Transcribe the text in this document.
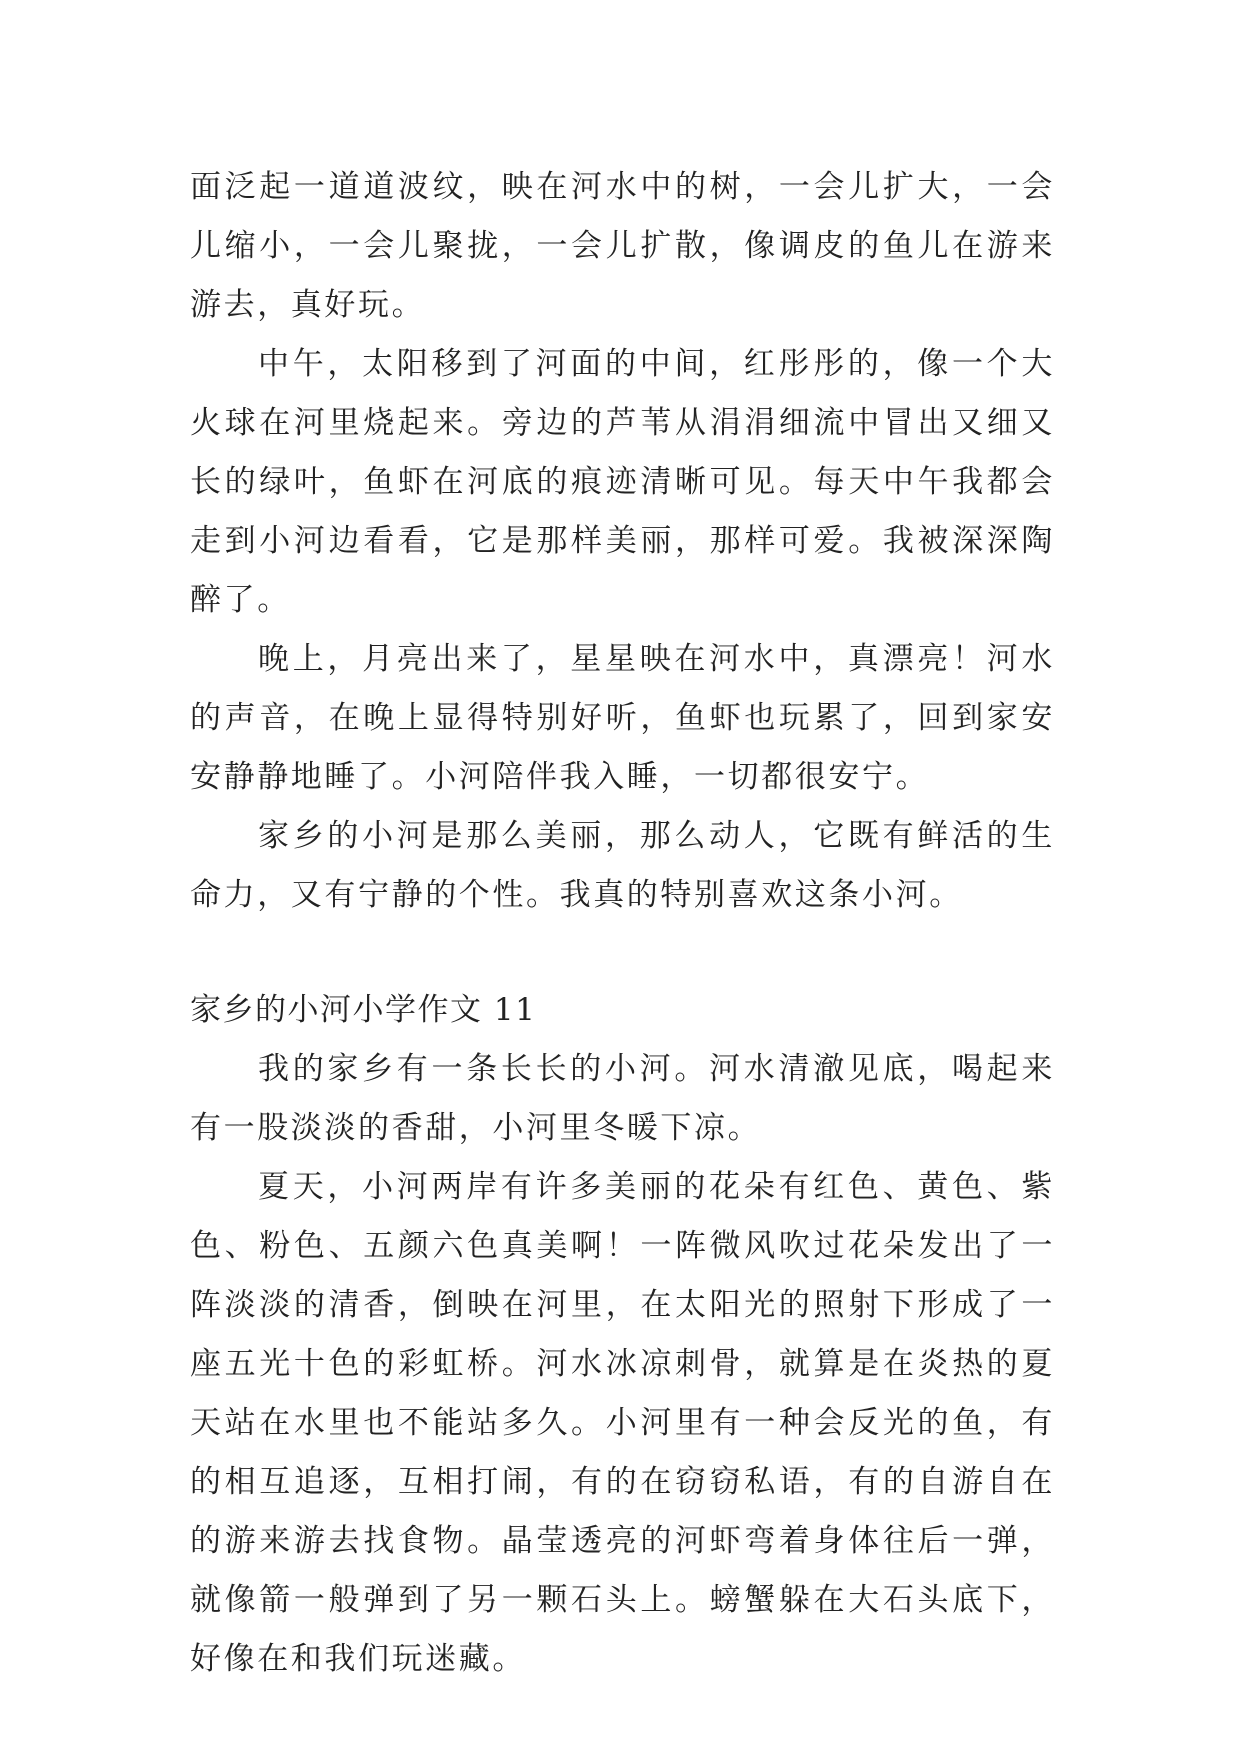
面泛起一道道波纹，映在河水中的树，一会儿扩大，一会儿缩小，一会儿聚拢，一会儿扩散，像调皮的鱼儿在游来游去，真好玩。

中午，太阳移到了河面的中间，红彤彤的，像一个大火球在河里烧起来。旁边的芦苇从涓涓细流中冒出又细又长的绿叶，鱼虾在河底的痕迹清晰可见。每天中午我都会走到小河边看看，它是那样美丽，那样可爱。我被深深陶醉了。

晚上，月亮出来了，星星映在河水中，真漂亮！河水的声音，在晚上显得特别好听，鱼虾也玩累了，回到家安安静静地睡了。小河陪伴我入睡，一切都很安宁。

家乡的小河是那么美丽，那么动人，它既有鲜活的生命力，又有宁静的个性。我真的特别喜欢这条小河。

家乡的小河小学作文 11

我的家乡有一条长长的小河。河水清澈见底，喝起来有一股淡淡的香甜，小河里冬暖下凉。

夏天，小河两岸有许多美丽的花朵有红色、黄色、紫色、粉色、五颜六色真美啊！一阵微风吹过花朵发出了一阵淡淡的清香，倒映在河里，在太阳光的照射下形成了一座五光十色的彩虹桥。河水冰凉刺骨，就算是在炎热的夏天站在水里也不能站多久。小河里有一种会反光的鱼，有的相互追逐，互相打闹，有的在窃窃私语，有的自游自在的游来游去找食物。晶莹透亮的河虾弯着身体往后一弹，就像箭一般弹到了另一颗石头上。螃蟹躲在大石头底下，好像在和我们玩迷藏。
